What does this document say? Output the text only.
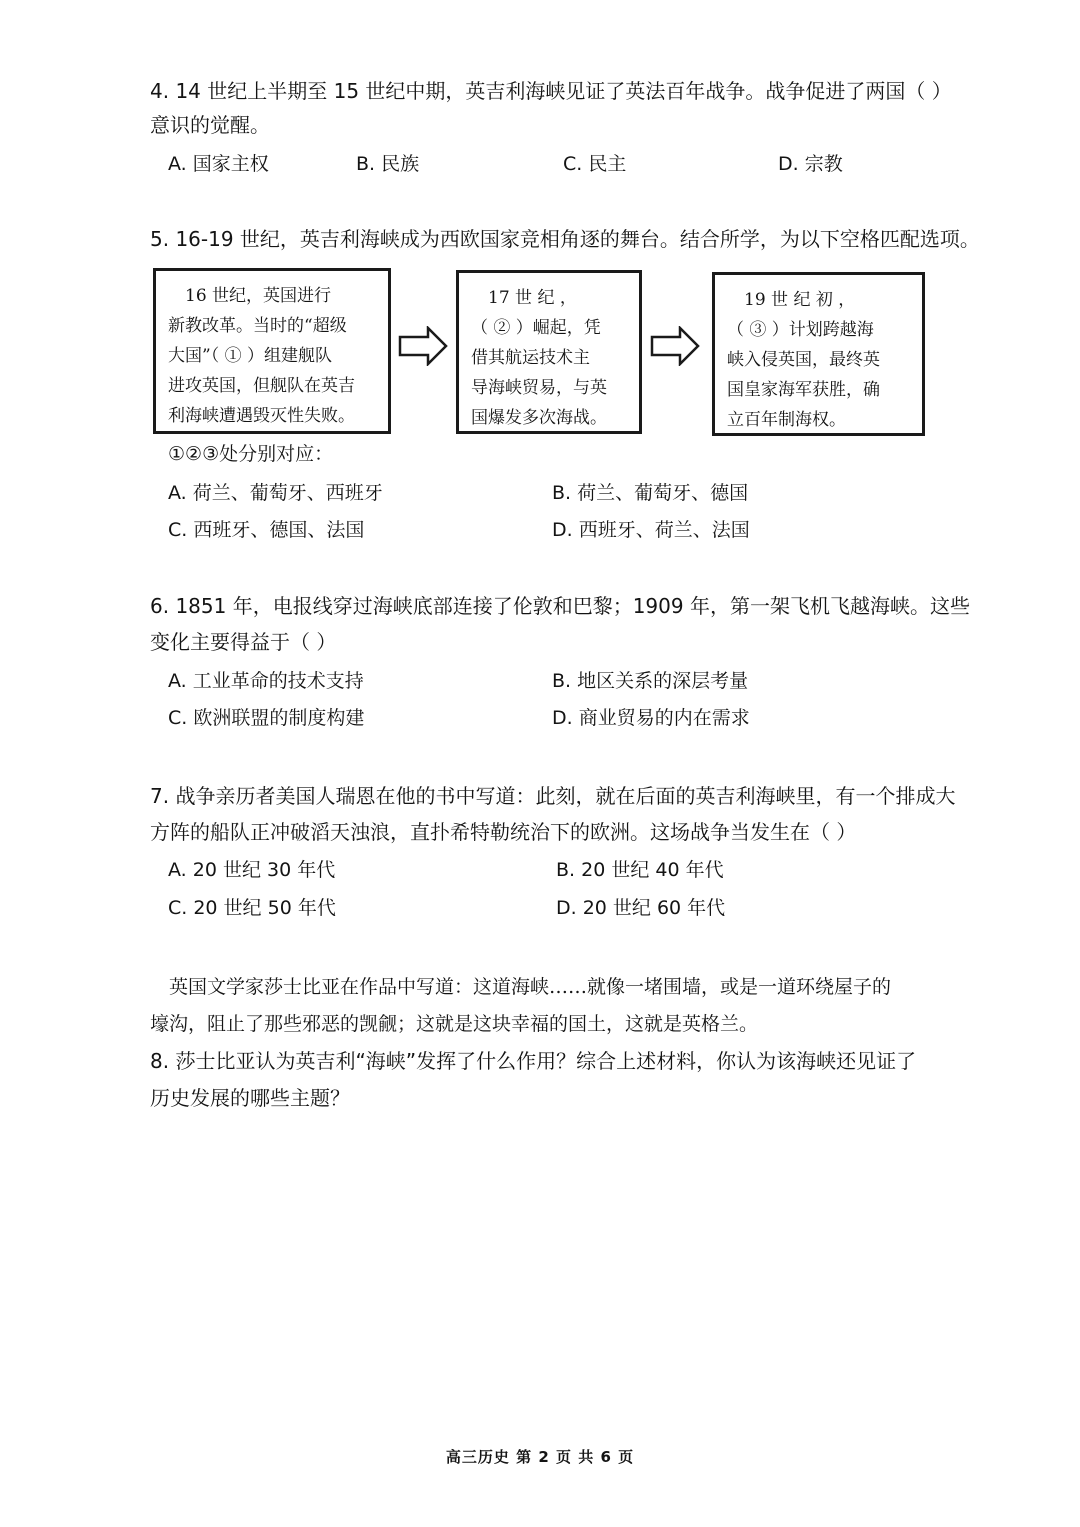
4. 14 世纪上半期至 15 世纪中期，英吉利海峡见证了英法百年战争。战争促进了两国（ ）
意识的觉醒。
A. 国家主权	B. 民族	C. 民主	D. 宗教
5. 16-19 世纪，英吉利海峡成为西欧国家竞相角逐的舞台。结合所学，为以下空格匹配选项。
　16 世纪，英国进行
新教改革。当时的“超级
大国”（ ① ）组建舰队
进攻英国，但舰队在英吉
利海峡遭遇毁灭性失败。
　17 世 纪 ，
（ ② ）崛起，凭
借其航运技术主
导海峡贸易，与英
国爆发多次海战。
　19 世 纪 初 ，
（ ③ ）计划跨越海
峡入侵英国，最终英
国皇家海军获胜，确
立百年制海权。
①②③处分别对应：
A. 荷兰、葡萄牙、西班牙	B. 荷兰、葡萄牙、德国
C. 西班牙、德国、法国	D. 西班牙、荷兰、法国
6. 1851 年，电报线穿过海峡底部连接了伦敦和巴黎；1909 年，第一架飞机飞越海峡。这些
变化主要得益于（ ）
A. 工业革命的技术支持	B. 地区关系的深层考量
C. 欧洲联盟的制度构建	D. 商业贸易的内在需求
7. 战争亲历者美国人瑞恩在他的书中写道：此刻，就在后面的英吉利海峡里，有一个排成大
方阵的船队正冲破滔天浊浪，直扑希特勒统治下的欧洲。这场战争当发生在（ ）
A. 20 世纪 30 年代	B. 20 世纪 40 年代
C. 20 世纪 50 年代	D. 20 世纪 60 年代
　英国文学家莎士比亚在作品中写道：这道海峡……就像一堵围墙，或是一道环绕屋子的
壕沟，阻止了那些邪恶的觊觎；这就是这块幸福的国土，这就是英格兰。
8. 莎士比亚认为英吉利“海峡”发挥了什么作用？综合上述材料，你认为该海峡还见证了
历史发展的哪些主题？
高三历史 第 2 页 共 6 页
